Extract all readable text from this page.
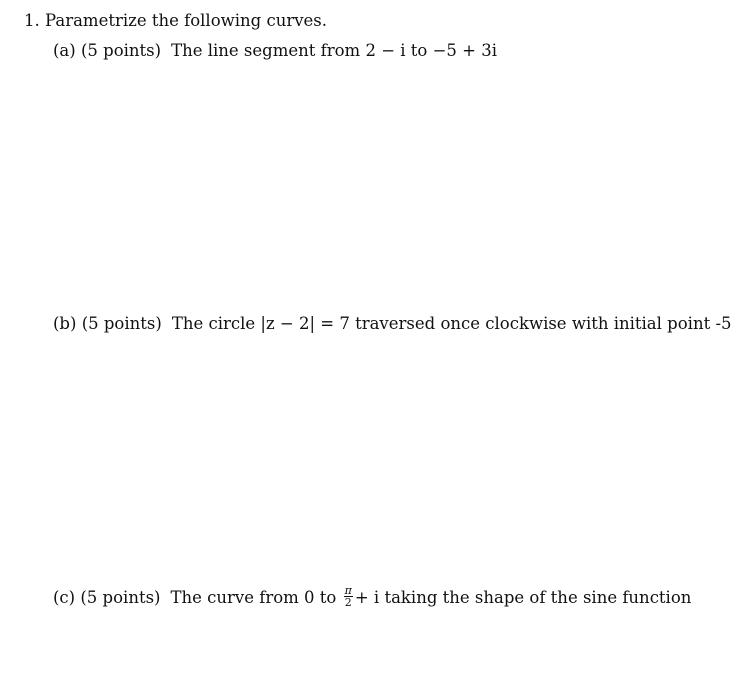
1. Parametrize the following curves.
(a) (5 points) The line segment from 2 − i to −5 + 3i
(b) (5 points) The circle |z − 2| = 7 traversed once clockwise with initial point -5
(c) (5 points) The curve from 0 to $\frac{\pi}{2} + i$ taking the shape of the sine function
